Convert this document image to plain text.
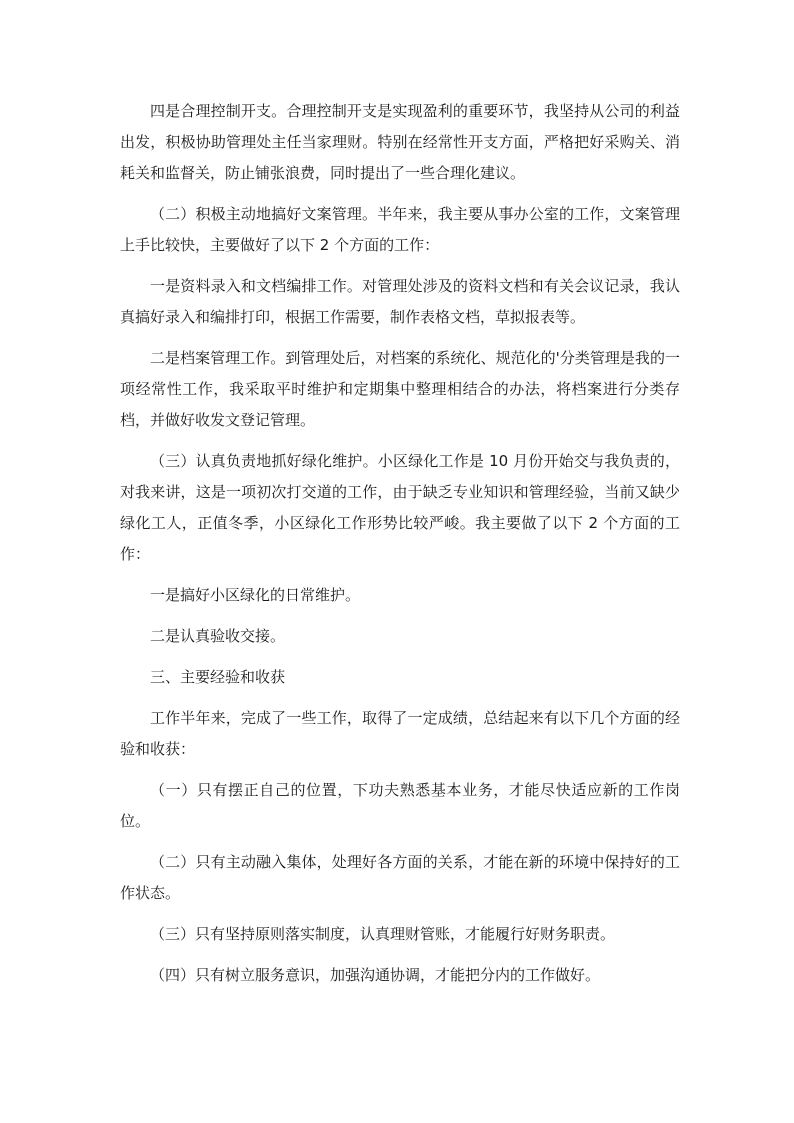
四是合理控制开支。合理控制开支是实现盈利的重要环节，我坚持从公司的利益出发，积极协助管理处主任当家理财。特别在经常性开支方面，严格把好采购关、消耗关和监督关，防止铺张浪费，同时提出了一些合理化建议。

（二）积极主动地搞好文案管理。半年来，我主要从事办公室的工作，文案管理上手比较快，主要做好了以下 2 个方面的工作：

一是资料录入和文档编排工作。对管理处涉及的资料文档和有关会议记录，我认真搞好录入和编排打印，根据工作需要，制作表格文档，草拟报表等。

二是档案管理工作。到管理处后，对档案的系统化、规范化的'分类管理是我的一项经常性工作，我采取平时维护和定期集中整理相结合的办法，将档案进行分类存档，并做好收发文登记管理。

（三）认真负责地抓好绿化维护。小区绿化工作是 10 月份开始交与我负责的，对我来讲，这是一项初次打交道的工作，由于缺乏专业知识和管理经验，当前又缺少绿化工人，正值冬季，小区绿化工作形势比较严峻。我主要做了以下 2 个方面的工作：

一是搞好小区绿化的日常维护。

二是认真验收交接。

三、主要经验和收获

工作半年来，完成了一些工作，取得了一定成绩，总结起来有以下几个方面的经验和收获：

（一）只有摆正自己的位置，下功夫熟悉基本业务，才能尽快适应新的工作岗位。

（二）只有主动融入集体，处理好各方面的关系，才能在新的环境中保持好的工作状态。

（三）只有坚持原则落实制度，认真理财管账，才能履行好财务职责。

（四）只有树立服务意识，加强沟通协调，才能把分内的工作做好。
